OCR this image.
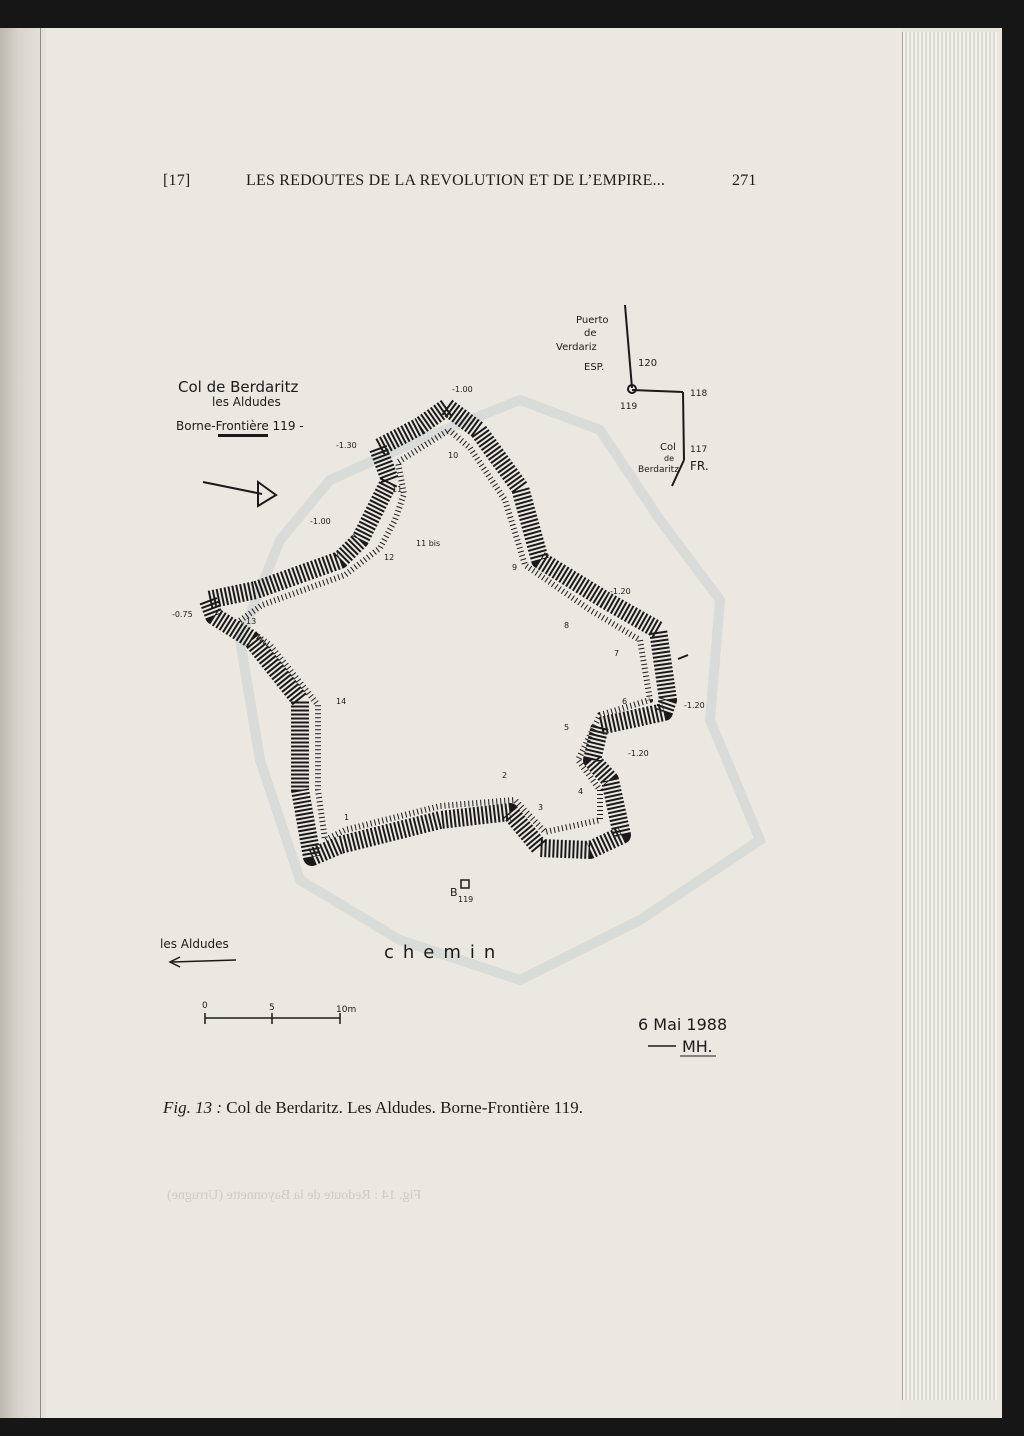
[17]	LES REDOUTES DE LA REVOLUTION ET DE L’EMPIRE...	271
Col de Berdaritz
les Aldudes
Borne-Frontière 119 -
Puerto
de
Verdariz
ESP.	120
118
119
117
Col
de
Berdaritz FR.
-1.00
-1.30
-1.00
-0.75
-1.20
-1.20
-1.20
1
2
3
4
5
6
7
8
9
10
11
11 bis
12
13
14
B
119
chemin
les Aldudes
0	5	10m
6 Mai 1988
MH.
Fig. 13 : Col de Berdaritz. Les Aldudes. Borne-Frontière 119.
Fig. 14 : Redoute de la Bayonnette (Urrugne)
